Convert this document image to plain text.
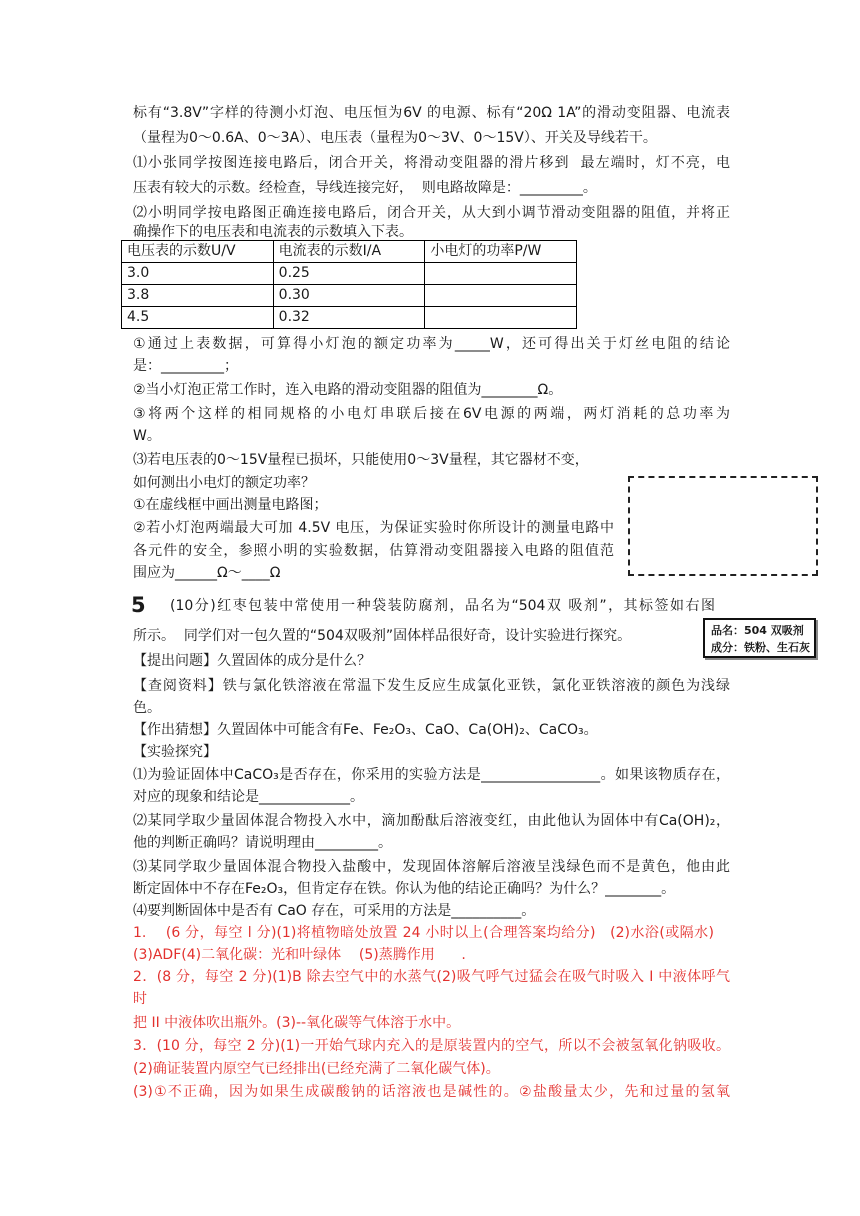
标有“3.8V”字样的待测小灯泡、电压恒为6V 的电源、标有“20Ω 1A”的滑动变阻器、电流表
（量程为0～0.6A、0～3A）、电压表（量程为0～3V、0～15V）、开关及导线若干。
⑴小张同学按图连接电路后，闭合开关，将滑动变阻器的滑片移到  最左端时，灯不亮，电
压表有较大的示数。经检查，导线连接完好，  则电路故障是：_________。
⑵小明同学按电路图正确连接电路后，闭合开关，从大到小调节滑动变阻器的阻值，并将正
确操作下的电压表和电流表的示数填入下表。
电压表的示数U/V	电流表的示数I/A	小电灯的功率P/W
3.0	0.25	
3.8	0.30	
4.5	0.32	
①通过上表数据，可算得小灯泡的额定功率为_____W，还可得出关于灯丝电阻的结论
是：_________；
②当小灯泡正常工作时，连入电路的滑动变阻器的阻值为________Ω。
③将两个这样的相同规格的小电灯串联后接在6V电源的两端，两灯消耗的总功率为
W。
⑶若电压表的0～15V量程已损坏，只能使用0～3V量程，其它器材不变，
如何测出小电灯的额定功率？
①在虚线框中画出测量电路图；
②若小灯泡两端最大可加 4.5V 电压，为保证实验时你所设计的测量电路中
各元件的安全，参照小明的实验数据，估算滑动变阻器接入电路的阻值范
围应为______Ω～____Ω
5 (10分)红枣包装中常使用一种袋装防腐剂，品名为“504双 吸剂”，其标签如右图
所示。  同学们对一包久置的“504双吸剂”固体样品很好奇，设计实验进行探究。	品名：504 双吸剂
成分：铁粉、生石灰
【提出问题】久置固体的成分是什么？
【查阅资料】铁与氯化铁溶液在常温下发生反应生成氯化亚铁，氯化亚铁溶液的颜色为浅绿
色。
【作出猜想】久置固体中可能含有Fe、Fe₂O₃、CaO、Ca(OH)₂、CaCO₃。
【实验探究】
⑴为验证固体中CaCO₃是否存在，你采用的实验方法是_________________。如果该物质存在，
对应的现象和结论是_____________。
⑵某同学取少量固体混合物投入水中，滴加酚酞后溶液变红，由此他认为固体中有Ca(OH)₂，
他的判断正确吗？请说明理由_________。
⑶某同学取少量固体混合物投入盐酸中，发现固体溶解后溶液呈浅绿色而不是黄色，他由此
断定固体中不存在Fe₂O₃，但肯定存在铁。你认为他的结论正确吗？为什么？________。
⑷要判断固体中是否有 CaO 存在，可采用的方法是__________。
1.    (6 分，每空 l 分)(1)将植物暗处放置 24 小时以上(合理答案均给分)   (2)水浴(或隔水)
(3)ADF(4)二氧化碳：光和叶绿体    (5)蒸腾作用      .
2．(8 分，每空 2 分)(1)B 除去空气中的水蒸气(2)吸气呼气过猛会在吸气时吸入 I 中液体呼气
时
把 II 中液体吹出瓶外。(3)--氧化碳等气体溶于水中。
3．(10 分，每空 2 分)(1)一开始气球内充入的是原装置内的空气，所以不会被氢氧化钠吸收。
(2)确证装置内原空气已经排出(已经充满了二氧化碳气体)。
(3)①不正确，因为如果生成碳酸钠的话溶液也是碱性的。②盐酸量太少，先和过量的氢氧
